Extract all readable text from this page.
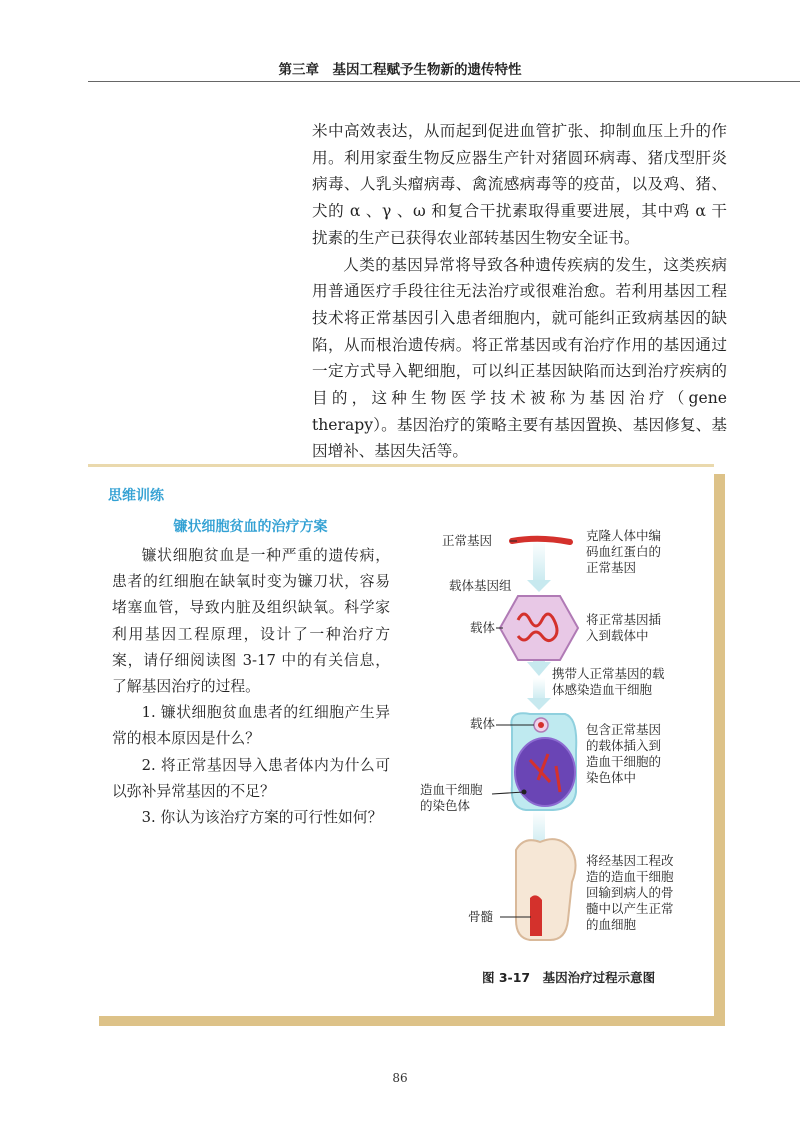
第三章　基因工程赋予生物新的遗传特性

米中高效表达，从而起到促进血管扩张、抑制血压上升的作用。利用家蚕生物反应器生产针对猪圆环病毒、猪戊型肝炎病毒、人乳头瘤病毒、禽流感病毒等的疫苗，以及鸡、猪、犬的 α 、γ 、ω 和复合干扰素取得重要进展，其中鸡 α 干扰素的生产已获得农业部转基因生物安全证书。

人类的基因异常将导致各种遗传疾病的发生，这类疾病用普通医疗手段往往无法治疗或很难治愈。若利用基因工程技术将正常基因引入患者细胞内，就可能纠正致病基因的缺陷，从而根治遗传病。将正常基因或有治疗作用的基因通过一定方式导入靶细胞，可以纠正基因缺陷而达到治疗疾病的目的，这种生物医学技术被称为基因治疗（gene therapy）。基因治疗的策略主要有基因置换、基因修复、基因增补、基因失活等。

思维训练
镰状细胞贫血的治疗方案

镰状细胞贫血是一种严重的遗传病，患者的红细胞在缺氧时变为镰刀状，容易堵塞血管，导致内脏及组织缺氧。科学家利用基因工程原理，设计了一种治疗方案，请仔细阅读图 3-17 中的有关信息，了解基因治疗的过程。

1. 镰状细胞贫血患者的红细胞产生异常的根本原因是什么？

2. 将正常基因导入患者体内为什么可以弥补异常基因的不足？

3. 你认为该治疗方案的可行性如何？

正常基因
载体基因组
载体
载体
造血干细胞
的染色体
骨髓
克隆人体中编
码血红蛋白的
正常基因
将正常基因插
入到载体中
携带人正常基因的载
体感染造血干细胞
包含正常基因
的载体插入到
造血干细胞的
染色体中
将经基因工程改
造的造血干细胞
回输到病人的骨
髓中以产生正常
的血细胞
图 3-17　基因治疗过程示意图
86
